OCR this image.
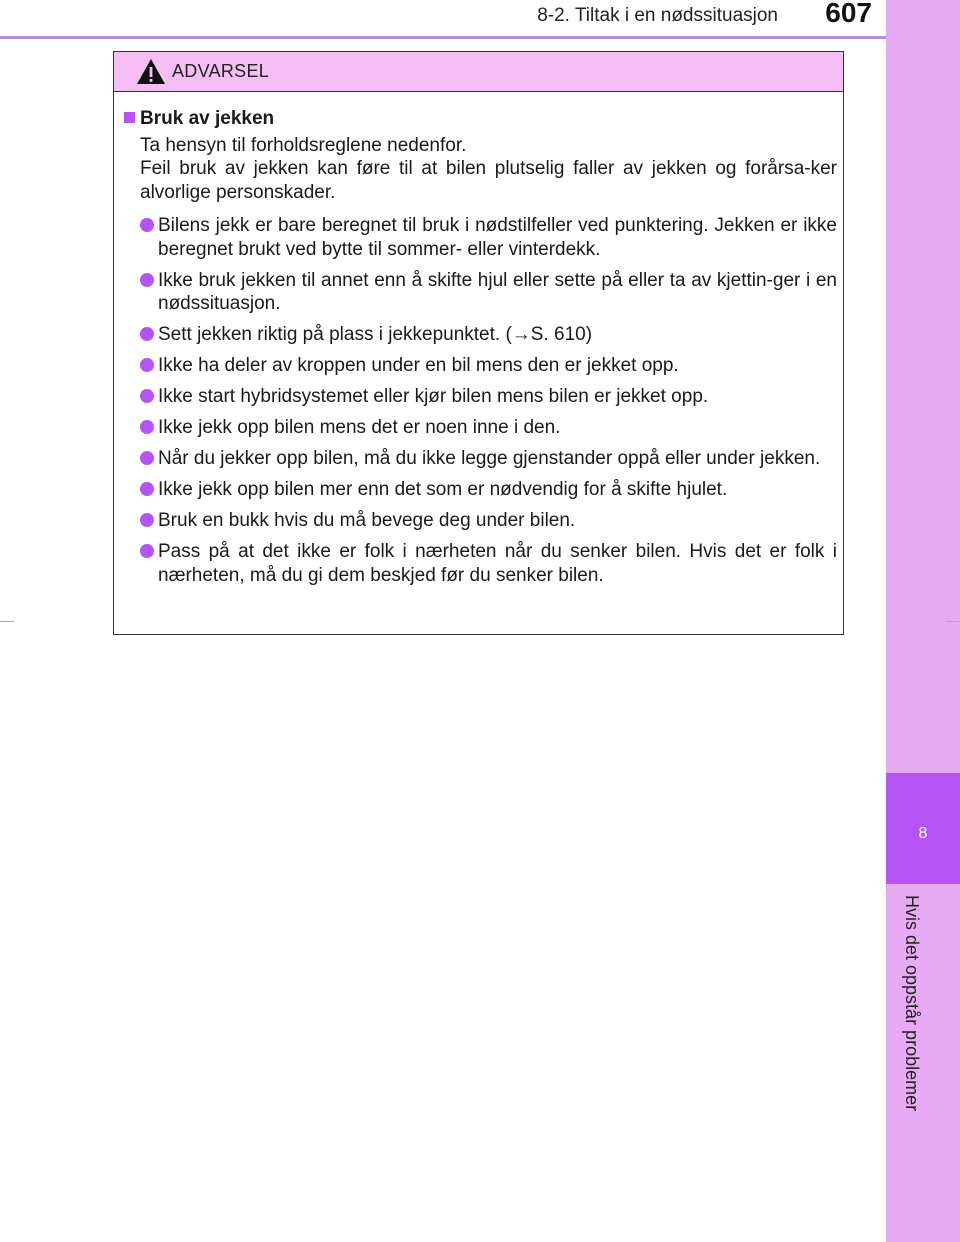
8-2. Tiltak i en nødssituasjon 607
8
Hvis det oppstår problemer
ADVARSEL
Bruk av jekken
Ta hensyn til forholdsreglene nedenfor.
Feil bruk av jekken kan føre til at bilen plutselig faller av jekken og forårsa-ker alvorlige personskader.
Bilens jekk er bare beregnet til bruk i nødstilfeller ved punktering. Jekken er ikke beregnet brukt ved bytte til sommer- eller vinterdekk.
Ikke bruk jekken til annet enn å skifte hjul eller sette på eller ta av kjettin-ger i en nødssituasjon.
Sett jekken riktig på plass i jekkepunktet. (→S. 610)
Ikke ha deler av kroppen under en bil mens den er jekket opp.
Ikke start hybridsystemet eller kjør bilen mens bilen er jekket opp.
Ikke jekk opp bilen mens det er noen inne i den.
Når du jekker opp bilen, må du ikke legge gjenstander oppå eller under jekken.
Ikke jekk opp bilen mer enn det som er nødvendig for å skifte hjulet.
Bruk en bukk hvis du må bevege deg under bilen.
Pass på at det ikke er folk i nærheten når du senker bilen. Hvis det er folk i nærheten, må du gi dem beskjed før du senker bilen.
